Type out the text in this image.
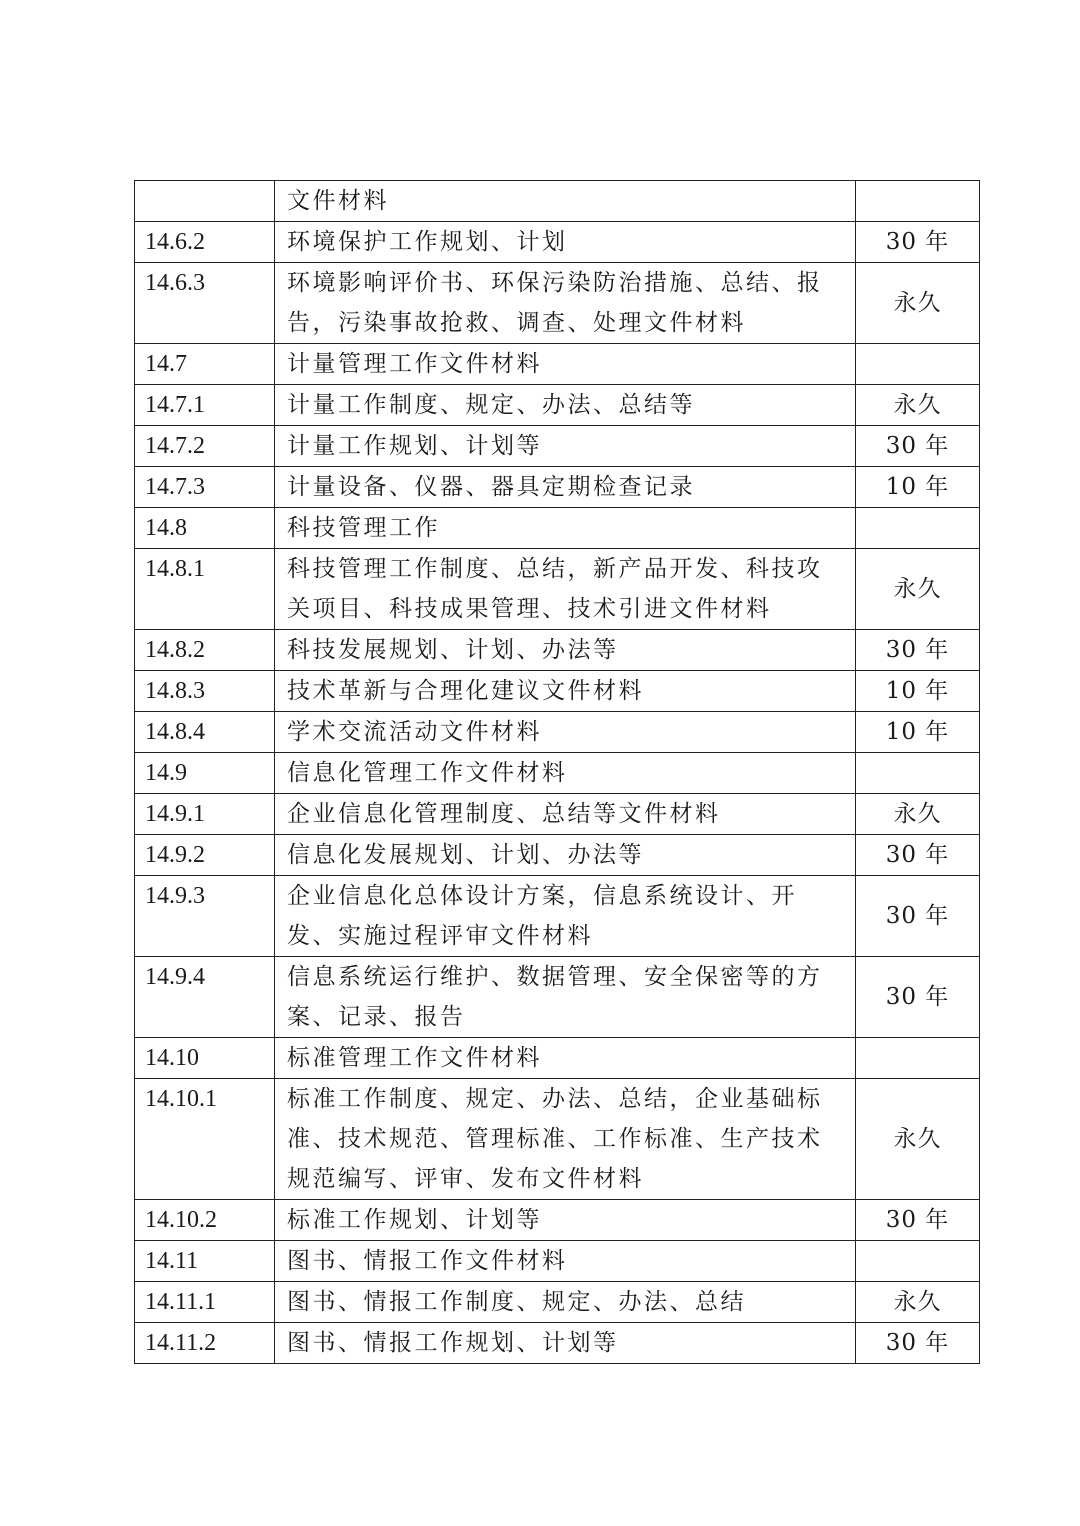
	文件材料	
14.6.2	环境保护工作规划、计划	30 年
14.6.3	环境影响评价书、环保污染防治措施、总结、报告，污染事故抢救、调查、处理文件材料	永久
14.7	计量管理工作文件材料	
14.7.1	计量工作制度、规定、办法、总结等	永久
14.7.2	计量工作规划、计划等	30 年
14.7.3	计量设备、仪器、器具定期检查记录	10 年
14.8	科技管理工作	
14.8.1	科技管理工作制度、总结，新产品开发、科技攻关项目、科技成果管理、技术引进文件材料	永久
14.8.2	科技发展规划、计划、办法等	30 年
14.8.3	技术革新与合理化建议文件材料	10 年
14.8.4	学术交流活动文件材料	10 年
14.9	信息化管理工作文件材料	
14.9.1	企业信息化管理制度、总结等文件材料	永久
14.9.2	信息化发展规划、计划、办法等	30 年
14.9.3	企业信息化总体设计方案，信息系统设计、开发、实施过程评审文件材料	30 年
14.9.4	信息系统运行维护、数据管理、安全保密等的方案、记录、报告	30 年
14.10	标准管理工作文件材料	
14.10.1	标准工作制度、规定、办法、总结，企业基础标准、技术规范、管理标准、工作标准、生产技术规范编写、评审、发布文件材料	永久
14.10.2	标准工作规划、计划等	30 年
14.11	图书、情报工作文件材料	
14.11.1	图书、情报工作制度、规定、办法、总结	永久
14.11.2	图书、情报工作规划、计划等	30 年
